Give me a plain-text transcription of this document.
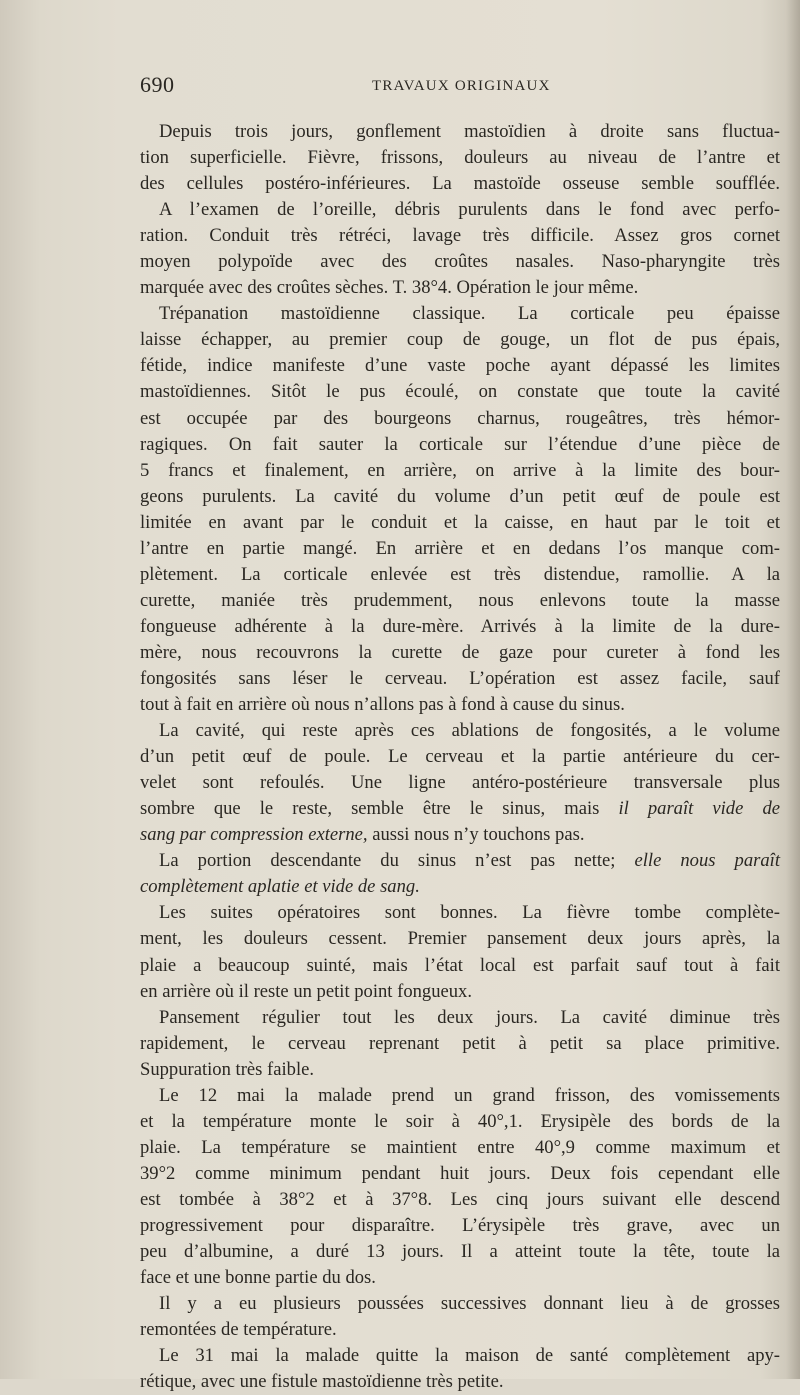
690	TRAVAUX ORIGINAUX
Depuis trois jours, gonflement mastoïdien à droite sans fluctua-
tion superficielle. Fièvre, frissons, douleurs au niveau de l’antre et
des cellules postéro-inférieures. La mastoïde osseuse semble soufflée.
A l’examen de l’oreille, débris purulents dans le fond avec perfo-
ration. Conduit très rétréci, lavage très difficile. Assez gros cornet
moyen polypoïde avec des croûtes nasales. Naso-pharyngite très
marquée avec des croûtes sèches. T. 38°4. Opération le jour même.
Trépanation mastoïdienne classique. La corticale peu épaisse
laisse échapper, au premier coup de gouge, un flot de pus épais,
fétide, indice manifeste d’une vaste poche ayant dépassé les limites
mastoïdiennes. Sitôt le pus écoulé, on constate que toute la cavité
est occupée par des bourgeons charnus, rougeâtres, très hémor-
ragiques. On fait sauter la corticale sur l’étendue d’une pièce de
5 francs et finalement, en arrière, on arrive à la limite des bour-
geons purulents. La cavité du volume d’un petit œuf de poule est
limitée en avant par le conduit et la caisse, en haut par le toit et
l’antre en partie mangé. En arrière et en dedans l’os manque com-
plètement. La corticale enlevée est très distendue, ramollie. A la
curette, maniée très prudemment, nous enlevons toute la masse
fongueuse adhérente à la dure-mère. Arrivés à la limite de la dure-
mère, nous recouvrons la curette de gaze pour cureter à fond les
fongosités sans léser le cerveau. L’opération est assez facile, sauf
tout à fait en arrière où nous n’allons pas à fond à cause du sinus.
La cavité, qui reste après ces ablations de fongosités, a le volume
d’un petit œuf de poule. Le cerveau et la partie antérieure du cer-
velet sont refoulés. Une ligne antéro-postérieure transversale plus
sombre que le reste, semble être le sinus, mais il paraît vide de
sang par compression externe, aussi nous n’y touchons pas.
La portion descendante du sinus n’est pas nette; elle nous paraît
complètement aplatie et vide de sang.
Les suites opératoires sont bonnes. La fièvre tombe complète-
ment, les douleurs cessent. Premier pansement deux jours après, la
plaie a beaucoup suinté, mais l’état local est parfait sauf tout à fait
en arrière où il reste un petit point fongueux.
Pansement régulier tout les deux jours. La cavité diminue très
rapidement, le cerveau reprenant petit à petit sa place primitive.
Suppuration très faible.
Le 12 mai la malade prend un grand frisson, des vomissements
et la température monte le soir à 40°,1. Erysipèle des bords de la
plaie. La température se maintient entre 40°,9 comme maximum et
39°2 comme minimum pendant huit jours. Deux fois cependant elle
est tombée à 38°2 et à 37°8. Les cinq jours suivant elle descend
progressivement pour disparaître. L’érysipèle très grave, avec un
peu d’albumine, a duré 13 jours. Il a atteint toute la tête, toute la
face et une bonne partie du dos.
Il y a eu plusieurs poussées successives donnant lieu à de grosses
remontées de température.
Le 31 mai la malade quitte la maison de santé complètement apy-
rétique, avec une fistule mastoïdienne très petite.
